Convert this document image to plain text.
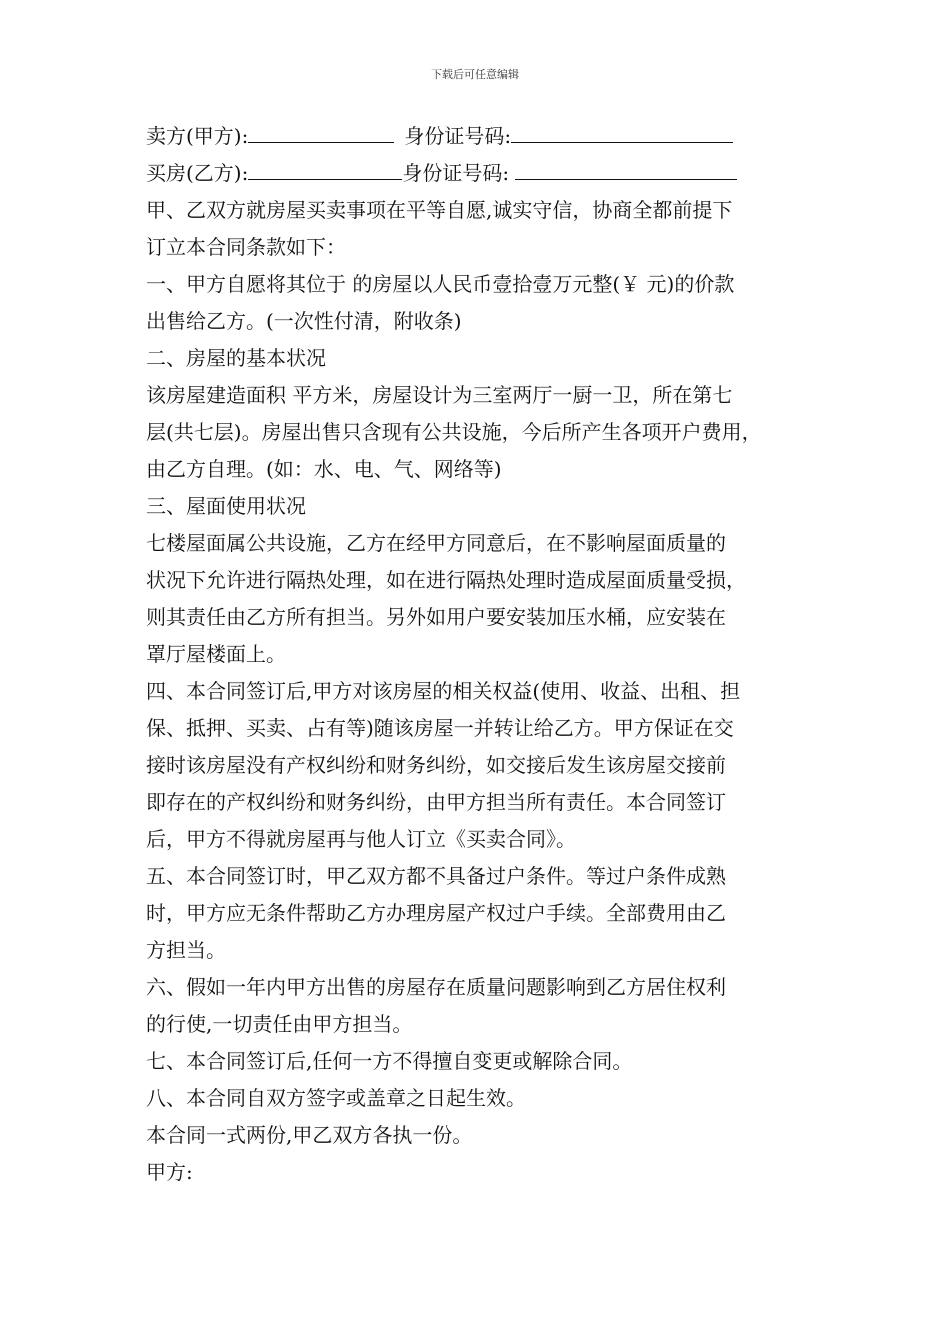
下载后可任意编辑
卖方(甲方):	身份证号码:
买房(乙方):	身份证号码:
甲、乙双方就房屋买卖事项在平等自愿,诚实守信，协商全都前提下
订立本合同条款如下：
一、甲方自愿将其位于 的房屋以人民币壹拾壹万元整(￥ 元)的价款
出售给乙方。(一次性付清，附收条)
二、房屋的基本状况
该房屋建造面积 平方米，房屋设计为三室两厅一厨一卫，所在第七
层(共七层)。房屋出售只含现有公共设施，今后所产生各项开户费用，
由乙方自理。(如：水、电、气、网络等)
三、屋面使用状况
七楼屋面属公共设施，乙方在经甲方同意后，在不影响屋面质量的
状况下允许进行隔热处理，如在进行隔热处理时造成屋面质量受损，
则其责任由乙方所有担当。另外如用户要安装加压水桶，应安装在
罩厅屋楼面上。
四、本合同签订后,甲方对该房屋的相关权益(使用、收益、出租、担
保、抵押、买卖、占有等)随该房屋一并转让给乙方。甲方保证在交
接时该房屋没有产权纠纷和财务纠纷，如交接后发生该房屋交接前
即存在的产权纠纷和财务纠纷，由甲方担当所有责任。本合同签订
后，甲方不得就房屋再与他人订立《买卖合同》。
五、本合同签订时，甲乙双方都不具备过户条件。等过户条件成熟
时，甲方应无条件帮助乙方办理房屋产权过户手续。全部费用由乙
方担当。
六、假如一年内甲方出售的房屋存在质量问题影响到乙方居住权利
的行使,一切责任由甲方担当。
七、本合同签订后,任何一方不得擅自变更或解除合同。
八、本合同自双方签字或盖章之日起生效。
本合同一式两份,甲乙双方各执一份。
甲方:
